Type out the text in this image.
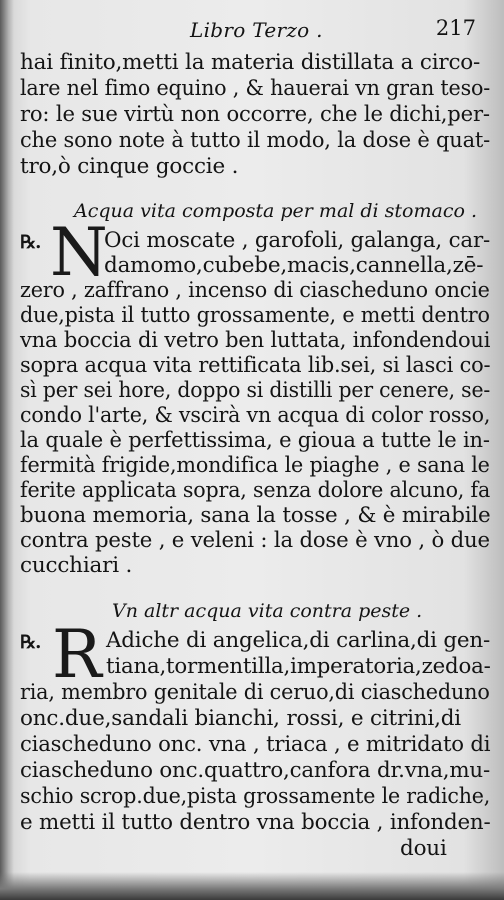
Libro Terzo .	217
hai finito,metti la materia distillata a circo-
lare nel fimo equino , & hauerai vn gran teso-
ro: le sue virtù non occorre, che le dichi,per-
che sono note à tutto il modo, la dose è quat-
tro,ò cinque goccie .
Acqua vita composta per mal di stomaco .
℞. N
Oci moscate , garofoli, galanga, car-
damomo,cubebe,macis,cannella,zē-
zero , zaffrano , incenso di ciascheduno oncie
due,pista il tutto grossamente, e metti dentro
vna boccia di vetro ben luttata, infondendoui
sopra acqua vita rettificata lib.sei, si lasci co-
sì per sei hore, doppo si distilli per cenere, se-
condo l'arte, & vscirà vn acqua di color rosso,
la quale è perfettissima, e gioua a tutte le in-
fermità frigide,mondifica le piaghe , e sana le
ferite applicata sopra, senza dolore alcuno, fa
buona memoria, sana la tosse , & è mirabile
contra peste , e veleni : la dose è vno , ò due
cucchiari .
Vn altr acqua vita contra peste .
℞. R Adiche di angelica,di carlina,di gen-
tiana,tormentilla,imperatoria,zedoa-
ria, membro genitale di ceruo,di ciascheduno
onc.due,sandali bianchi, rossi, e citrini,di
ciascheduno onc. vna , triaca , e mitridato di
ciascheduno onc.quattro,canfora dr.vna,mu-
schio scrop.due,pista grossamente le radiche,
e metti il tutto dentro vna boccia , infonden-
doui
